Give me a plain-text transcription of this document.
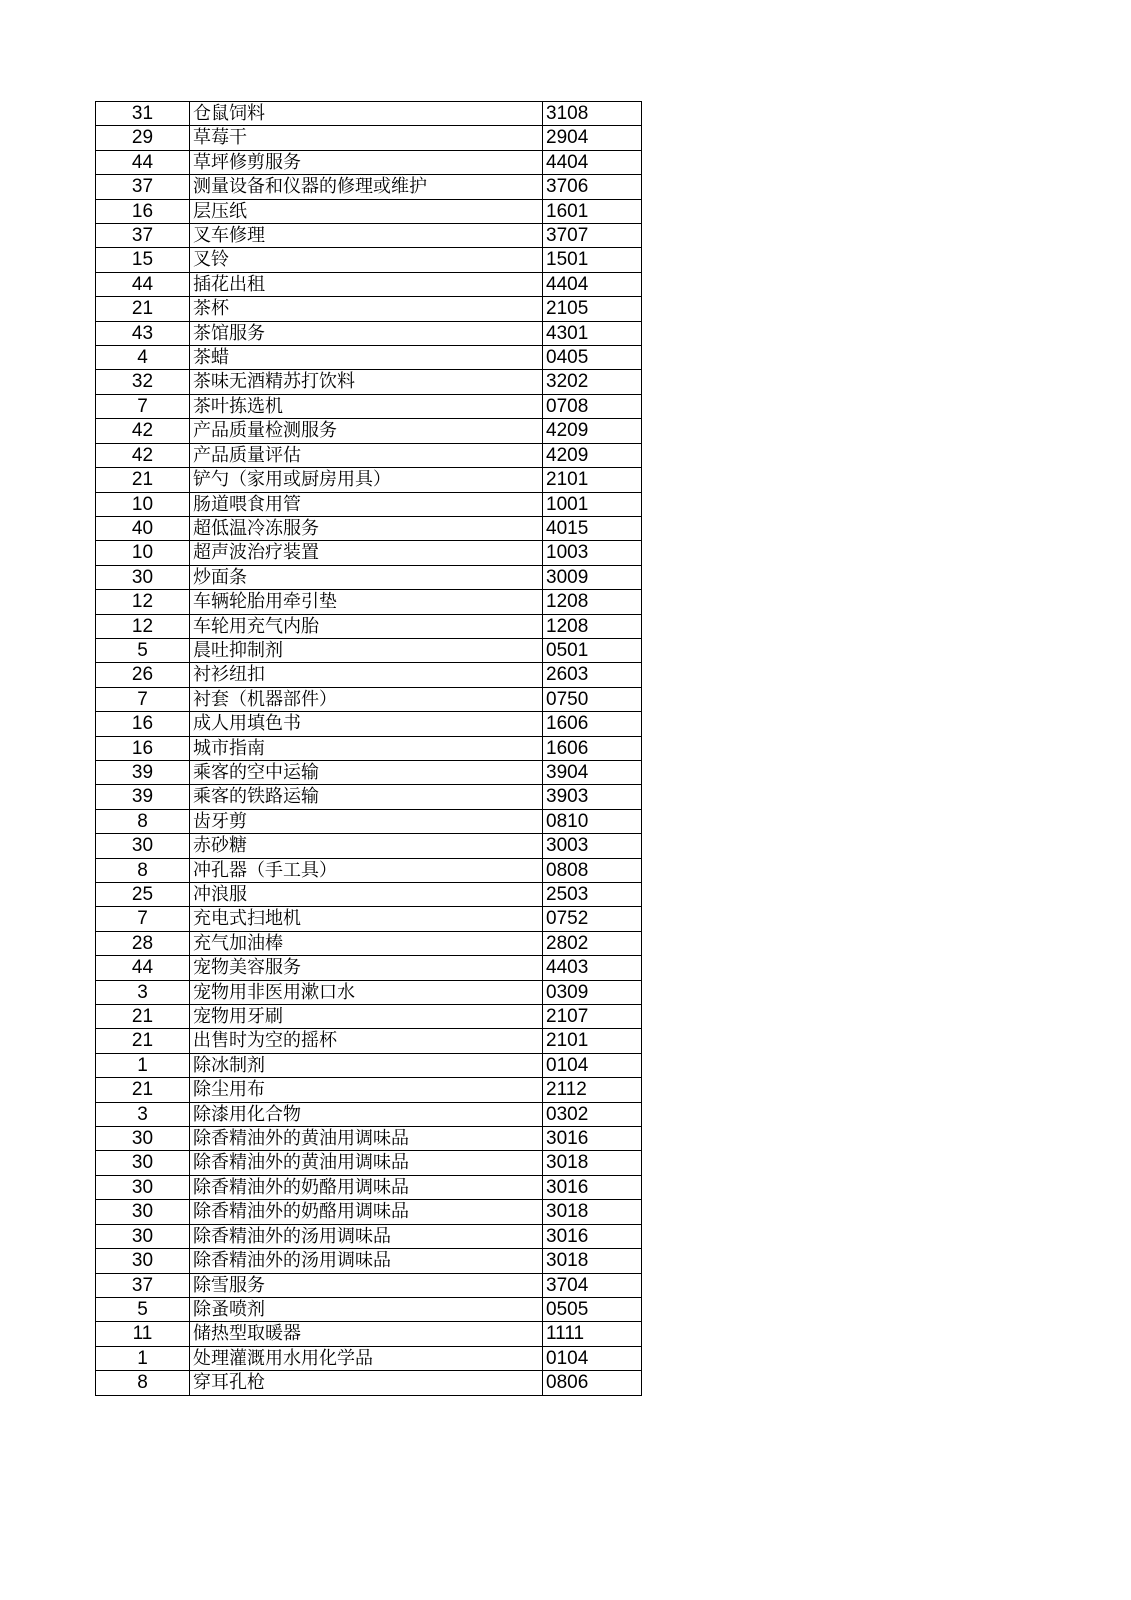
31	仓鼠饲料	3108
29	草莓干	2904
44	草坪修剪服务	4404
37	测量设备和仪器的修理或维护	3706
16	层压纸	1601
37	叉车修理	3707
15	叉铃	1501
44	插花出租	4404
21	茶杯	2105
43	茶馆服务	4301
4	茶蜡	0405
32	茶味无酒精苏打饮料	3202
7	茶叶拣选机	0708
42	产品质量检测服务	4209
42	产品质量评估	4209
21	铲勺（家用或厨房用具）	2101
10	肠道喂食用管	1001
40	超低温冷冻服务	4015
10	超声波治疗装置	1003
30	炒面条	3009
12	车辆轮胎用牵引垫	1208
12	车轮用充气内胎	1208
5	晨吐抑制剂	0501
26	衬衫纽扣	2603
7	衬套（机器部件）	0750
16	成人用填色书	1606
16	城市指南	1606
39	乘客的空中运输	3904
39	乘客的铁路运输	3903
8	齿牙剪	0810
30	赤砂糖	3003
8	冲孔器（手工具）	0808
25	冲浪服	2503
7	充电式扫地机	0752
28	充气加油棒	2802
44	宠物美容服务	4403
3	宠物用非医用漱口水	0309
21	宠物用牙刷	2107
21	出售时为空的摇杯	2101
1	除冰制剂	0104
21	除尘用布	2112
3	除漆用化合物	0302
30	除香精油外的黄油用调味品	3016
30	除香精油外的黄油用调味品	3018
30	除香精油外的奶酪用调味品	3016
30	除香精油外的奶酪用调味品	3018
30	除香精油外的汤用调味品	3016
30	除香精油外的汤用调味品	3018
37	除雪服务	3704
5	除蚤喷剂	0505
11	储热型取暖器	1111
1	处理灌溉用水用化学品	0104
8	穿耳孔枪	0806
